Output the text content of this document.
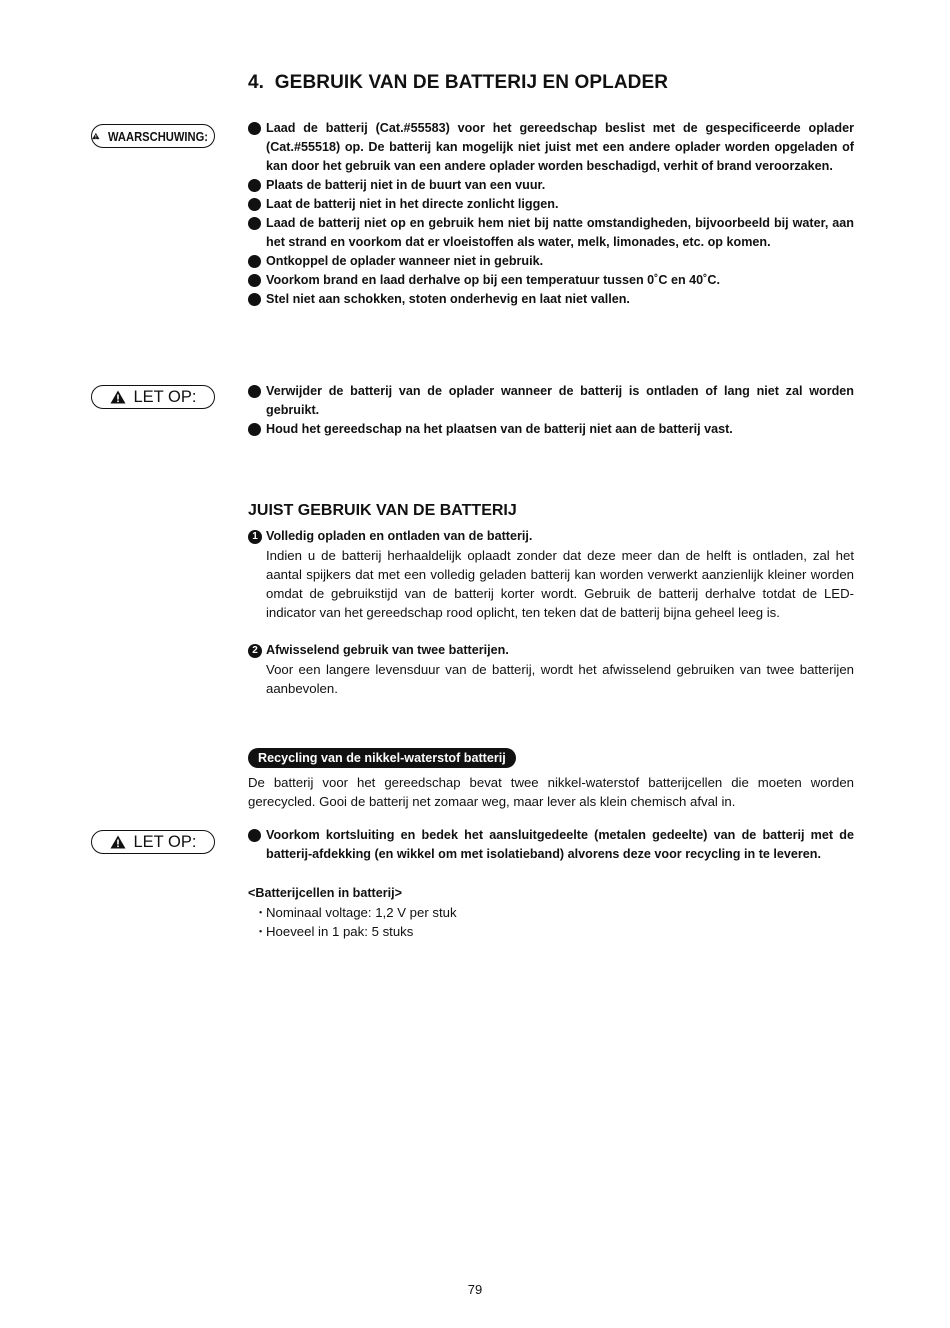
4.  GEBRUIK VAN DE BATTERIJ EN OPLADER
WAARSCHUWING:
Laad de batterij (Cat.#55583) voor het gereedschap beslist met de gespecificeerde oplader (Cat.#55518) op. De batterij kan mogelijk niet juist met een andere oplader worden opgeladen of kan door het gebruik van een andere oplader worden beschadigd, verhit of brand veroorzaken.
Plaats de batterij niet in de buurt van een vuur.
Laat de batterij niet in het directe zonlicht liggen.
Laad de batterij niet op en gebruik hem niet bij natte omstandigheden, bijvoorbeeld bij water, aan het strand en voorkom dat er vloeistoffen als water, melk, limonades, etc. op komen.
Ontkoppel de oplader wanneer niet in gebruik.
Voorkom brand en laad derhalve op bij een temperatuur tussen 0˚C en 40˚C.
Stel niet aan schokken, stoten onderhevig en laat niet vallen.
LET OP:	Verwijder de batterij van de oplader wanneer de batterij is ontladen of lang niet zal worden gebruikt.
Houd het gereedschap na het plaatsen van de batterij niet aan de batterij vast.
JUIST GEBRUIK VAN DE BATTERIJ
1 Volledig opladen en ontladen van de batterij.
Indien u de batterij herhaaldelijk oplaadt zonder dat deze meer dan de helft is ontladen, zal het aantal spijkers dat met een volledig geladen batterij kan worden verwerkt aanzienlijk kleiner worden omdat de gebruikstijd van de batterij korter wordt. Gebruik de batterij derhalve totdat de LED-indicator van het gereedschap rood oplicht, ten teken dat de batterij bijna geheel leeg is.
2 Afwisselend gebruik van twee batterijen.
Voor een langere levensduur van de batterij, wordt het afwisselend gebruiken van twee batterijen aanbevolen.
Recycling van de nikkel-waterstof batterij
De batterij voor het gereedschap bevat twee nikkel-waterstof batterijcellen die moeten worden gerecycled. Gooi de batterij net zomaar weg, maar lever als klein chemisch afval in.
LET OP:	Voorkom kortsluiting en bedek het aansluitgedeelte (metalen gedeelte) van de batterij met de batterij-afdekking (en wikkel om met isolatieband) alvorens deze voor recycling in te leveren.
<Batterijcellen in batterij>
・
Nominaal voltage: 1,2 V per stuk
・
Hoeveel in 1 pak: 5 stuks
79
